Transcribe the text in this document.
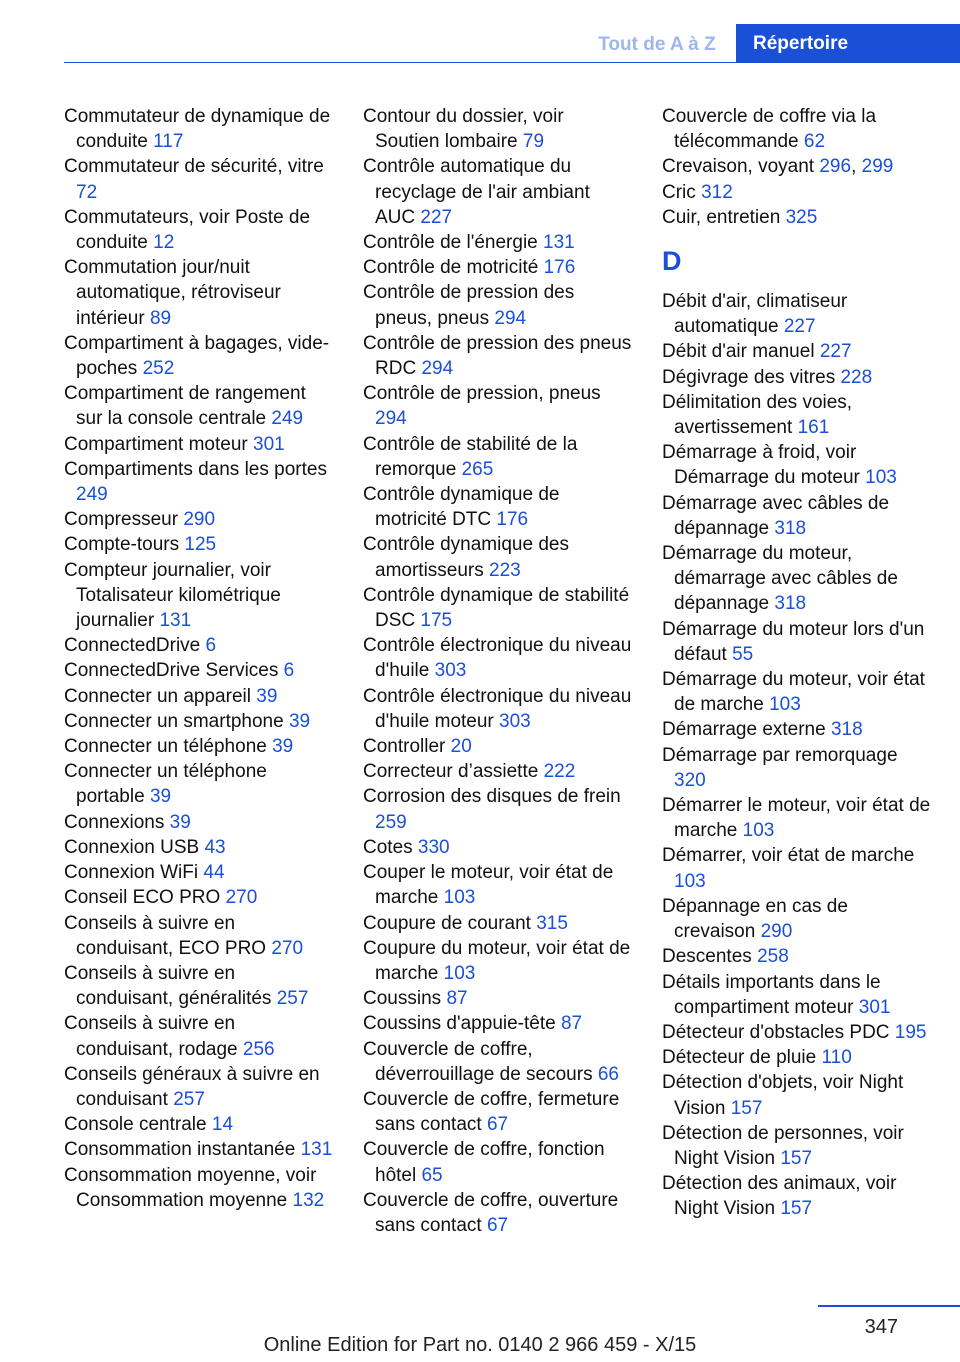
Tout de A à Z	Répertoire
Commutateur de dynamique de conduite 117
Commutateur de sécurité, vitre 72
Commutateurs, voir Poste de conduite 12
Commutation jour/nuit automatique, rétroviseur intérieur 89
Compartiment à bagages, vide-poches 252
Compartiment de rangement sur la console centrale 249
Compartiment moteur 301
Compartiments dans les portes 249
Compresseur 290
Compte-tours 125
Compteur journalier, voir Totalisateur kilométrique journalier 131
ConnectedDrive 6
ConnectedDrive Services 6
Connecter un appareil 39
Connecter un smartphone 39
Connecter un téléphone 39
Connecter un téléphone portable 39
Connexions 39
Connexion USB 43
Connexion WiFi 44
Conseil ECO PRO 270
Conseils à suivre en conduisant, ECO PRO 270
Conseils à suivre en conduisant, généralités 257
Conseils à suivre en conduisant, rodage 256
Conseils généraux à suivre en conduisant 257
Console centrale 14
Consommation instantanée 131
Consommation moyenne, voir Consommation moyenne 132
Contour du dossier, voir Soutien lombaire 79
Contrôle automatique du recyclage de l'air ambiant AUC 227
Contrôle de l'énergie 131
Contrôle de motricité 176
Contrôle de pression des pneus, pneus 294
Contrôle de pression des pneus RDC 294
Contrôle de pression, pneus 294
Contrôle de stabilité de la remorque 265
Contrôle dynamique de motricité DTC 176
Contrôle dynamique des amortisseurs 223
Contrôle dynamique de stabilité DSC 175
Contrôle électronique du niveau d'huile 303
Contrôle électronique du niveau d'huile moteur 303
Controller 20
Correcteur d’assiette 222
Corrosion des disques de frein 259
Cotes 330
Couper le moteur, voir état de marche 103
Coupure de courant 315
Coupure du moteur, voir état de marche 103
Coussins 87
Coussins d'appuie-tête 87
Couvercle de coffre, déverrouillage de secours 66
Couvercle de coffre, fermeture sans contact 67
Couvercle de coffre, fonction hôtel 65
Couvercle de coffre, ouverture sans contact 67
Couvercle de coffre via la télécommande 62
Crevaison, voyant 296, 299
Cric 312
Cuir, entretien 325
D
Débit d'air, climatiseur automatique 227
Débit d'air manuel 227
Dégivrage des vitres 228
Délimitation des voies, avertissement 161
Démarrage à froid, voir Démarrage du moteur 103
Démarrage avec câbles de dépannage 318
Démarrage du moteur, démarrage avec câbles de dépannage 318
Démarrage du moteur lors d'un défaut 55
Démarrage du moteur, voir état de marche 103
Démarrage externe 318
Démarrage par remorquage 320
Démarrer le moteur, voir état de marche 103
Démarrer, voir état de marche 103
Dépannage en cas de crevaison 290
Descentes 258
Détails importants dans le compartiment moteur 301
Détecteur d'obstacles PDC 195
Détecteur de pluie 110
Détection d'objets, voir Night Vision 157
Détection de personnes, voir Night Vision 157
Détection des animaux, voir Night Vision 157
347
Online Edition for Part no. 0140 2 966 459 - X/15
